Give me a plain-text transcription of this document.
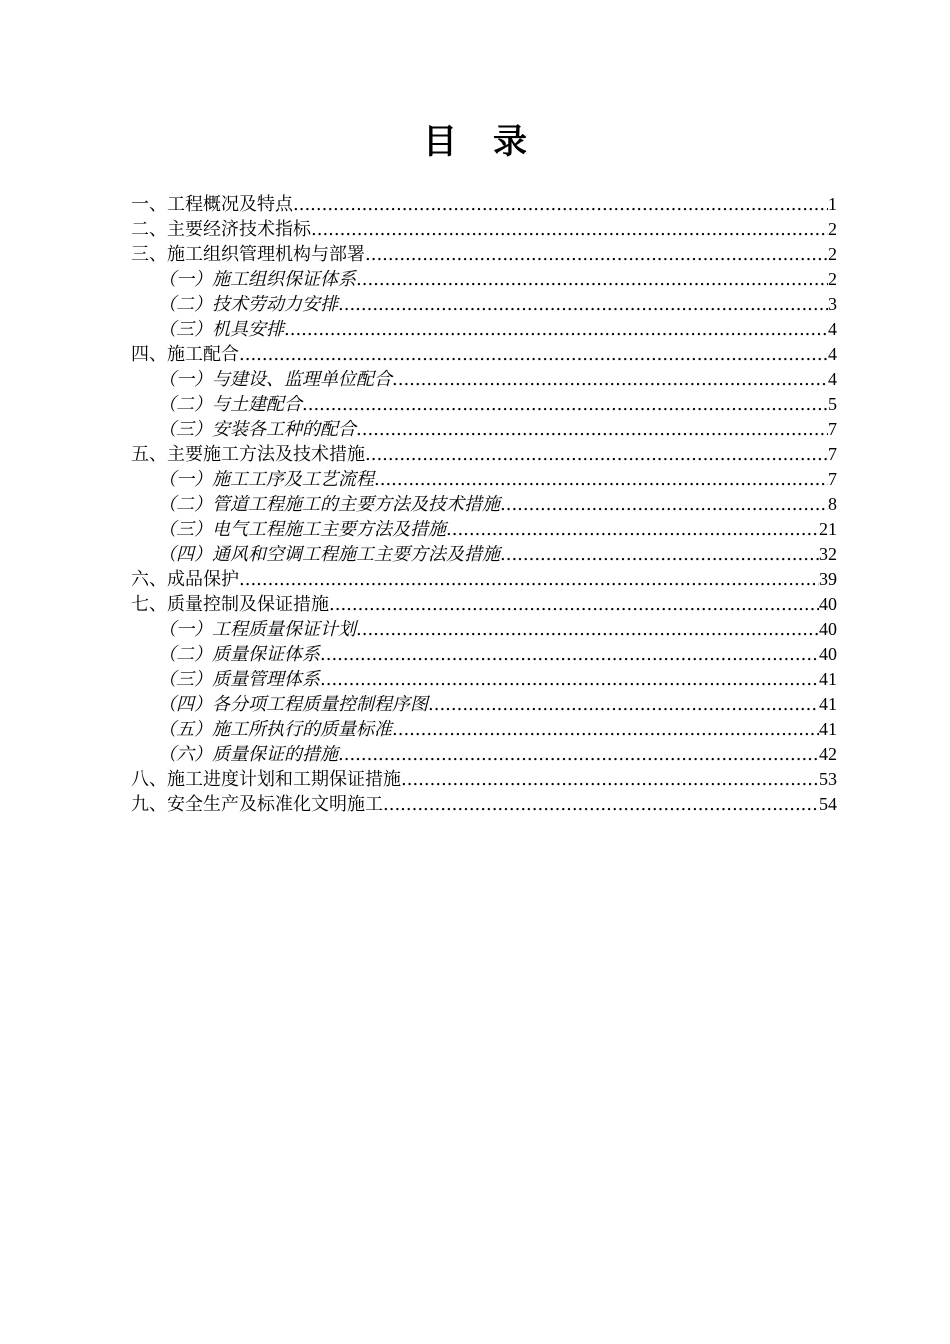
目录
一、工程概况及特点 .....	1
二、主要经济技术指标 .....	2
三、施工组织管理机构与部署 .....	2
（一）施工组织保证体系 .....	2
（二）技术劳动力安排 .....	3
（三）机具安排 .....	4
四、施工配合 .....	4
（一）与建设、监理单位配合 .....	4
（二）与土建配合 .....	5
（三）安装各工种的配合 .....	7
五、主要施工方法及技术措施 .....	7
（一）施工工序及工艺流程 .....	7
（二）管道工程施工的主要方法及技术措施 .....	8
（三）电气工程施工主要方法及措施 .....	21
（四）通风和空调工程施工主要方法及措施 .....	32
六、成品保护 .....	39
七、质量控制及保证措施 .....	40
（一）工程质量保证计划 .....	40
（二）质量保证体系 .....	40
（三）质量管理体系 .....	41
（四）各分项工程质量控制程序图 .....	41
（五）施工所执行的质量标准 .....	41
（六）质量保证的措施 .....	42
八、施工进度计划和工期保证措施 .....	53
九、安全生产及标准化文明施工 .....	54
